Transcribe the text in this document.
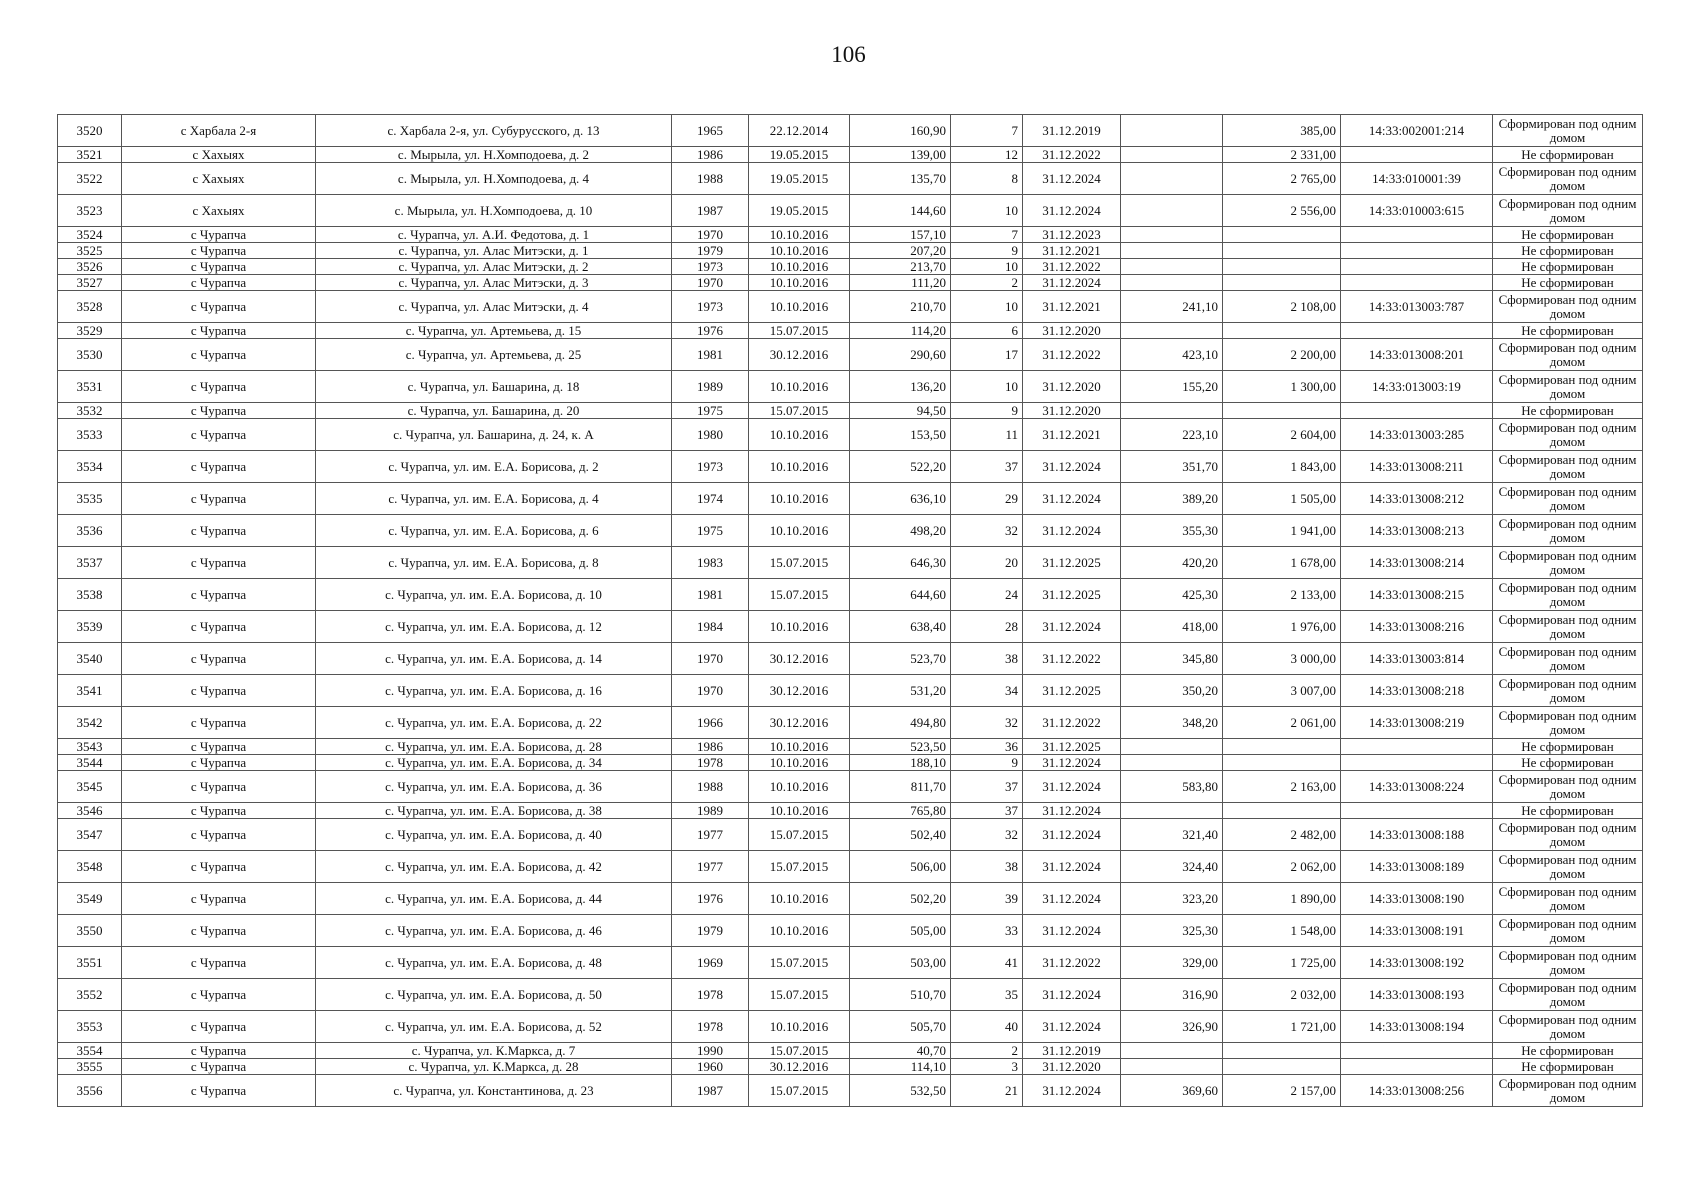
106
3520	с Харбала 2-я	с. Харбала 2-я, ул. Субурусского, д. 13	1965	22.12.2014	160,90	7	31.12.2019		385,00	14:33:002001:214	Сформирован под одним домом
3521	с Хахыях	с. Мырыла, ул. Н.Хомподоева, д. 2	1986	19.05.2015	139,00	12	31.12.2022		2 331,00		Не сформирован
3522	с Хахыях	с. Мырыла, ул. Н.Хомподоева, д. 4	1988	19.05.2015	135,70	8	31.12.2024		2 765,00	14:33:010001:39	Сформирован под одним домом
3523	с Хахыях	с. Мырыла, ул. Н.Хомподоева, д. 10	1987	19.05.2015	144,60	10	31.12.2024		2 556,00	14:33:010003:615	Сформирован под одним домом
3524	с Чурапча	с. Чурапча, ул. А.И. Федотова, д. 1	1970	10.10.2016	157,10	7	31.12.2023				Не сформирован
3525	с Чурапча	с. Чурапча, ул. Алас Митэски, д. 1	1979	10.10.2016	207,20	9	31.12.2021				Не сформирован
3526	с Чурапча	с. Чурапча, ул. Алас Митэски, д. 2	1973	10.10.2016	213,70	10	31.12.2022				Не сформирован
3527	с Чурапча	с. Чурапча, ул. Алас Митэски, д. 3	1970	10.10.2016	111,20	2	31.12.2024				Не сформирован
3528	с Чурапча	с. Чурапча, ул. Алас Митэски, д. 4	1973	10.10.2016	210,70	10	31.12.2021	241,10	2 108,00	14:33:013003:787	Сформирован под одним домом
3529	с Чурапча	с. Чурапча, ул. Артемьева, д. 15	1976	15.07.2015	114,20	6	31.12.2020				Не сформирован
3530	с Чурапча	с. Чурапча, ул. Артемьева, д. 25	1981	30.12.2016	290,60	17	31.12.2022	423,10	2 200,00	14:33:013008:201	Сформирован под одним домом
3531	с Чурапча	с. Чурапча, ул. Башарина, д. 18	1989	10.10.2016	136,20	10	31.12.2020	155,20	1 300,00	14:33:013003:19	Сформирован под одним домом
3532	с Чурапча	с. Чурапча, ул. Башарина, д. 20	1975	15.07.2015	94,50	9	31.12.2020				Не сформирован
3533	с Чурапча	с. Чурапча, ул. Башарина, д. 24, к. А	1980	10.10.2016	153,50	11	31.12.2021	223,10	2 604,00	14:33:013003:285	Сформирован под одним домом
3534	с Чурапча	с. Чурапча, ул. им. Е.А. Борисова, д. 2	1973	10.10.2016	522,20	37	31.12.2024	351,70	1 843,00	14:33:013008:211	Сформирован под одним домом
3535	с Чурапча	с. Чурапча, ул. им. Е.А. Борисова, д. 4	1974	10.10.2016	636,10	29	31.12.2024	389,20	1 505,00	14:33:013008:212	Сформирован под одним домом
3536	с Чурапча	с. Чурапча, ул. им. Е.А. Борисова, д. 6	1975	10.10.2016	498,20	32	31.12.2024	355,30	1 941,00	14:33:013008:213	Сформирован под одним домом
3537	с Чурапча	с. Чурапча, ул. им. Е.А. Борисова, д. 8	1983	15.07.2015	646,30	20	31.12.2025	420,20	1 678,00	14:33:013008:214	Сформирован под одним домом
3538	с Чурапча	с. Чурапча, ул. им. Е.А. Борисова, д. 10	1981	15.07.2015	644,60	24	31.12.2025	425,30	2 133,00	14:33:013008:215	Сформирован под одним домом
3539	с Чурапча	с. Чурапча, ул. им. Е.А. Борисова, д. 12	1984	10.10.2016	638,40	28	31.12.2024	418,00	1 976,00	14:33:013008:216	Сформирован под одним домом
3540	с Чурапча	с. Чурапча, ул. им. Е.А. Борисова, д. 14	1970	30.12.2016	523,70	38	31.12.2022	345,80	3 000,00	14:33:013003:814	Сформирован под одним домом
3541	с Чурапча	с. Чурапча, ул. им. Е.А. Борисова, д. 16	1970	30.12.2016	531,20	34	31.12.2025	350,20	3 007,00	14:33:013008:218	Сформирован под одним домом
3542	с Чурапча	с. Чурапча, ул. им. Е.А. Борисова, д. 22	1966	30.12.2016	494,80	32	31.12.2022	348,20	2 061,00	14:33:013008:219	Сформирован под одним домом
3543	с Чурапча	с. Чурапча, ул. им. Е.А. Борисова, д. 28	1986	10.10.2016	523,50	36	31.12.2025				Не сформирован
3544	с Чурапча	с. Чурапча, ул. им. Е.А. Борисова, д. 34	1978	10.10.2016	188,10	9	31.12.2024				Не сформирован
3545	с Чурапча	с. Чурапча, ул. им. Е.А. Борисова, д. 36	1988	10.10.2016	811,70	37	31.12.2024	583,80	2 163,00	14:33:013008:224	Сформирован под одним домом
3546	с Чурапча	с. Чурапча, ул. им. Е.А. Борисова, д. 38	1989	10.10.2016	765,80	37	31.12.2024				Не сформирован
3547	с Чурапча	с. Чурапча, ул. им. Е.А. Борисова, д. 40	1977	15.07.2015	502,40	32	31.12.2024	321,40	2 482,00	14:33:013008:188	Сформирован под одним домом
3548	с Чурапча	с. Чурапча, ул. им. Е.А. Борисова, д. 42	1977	15.07.2015	506,00	38	31.12.2024	324,40	2 062,00	14:33:013008:189	Сформирован под одним домом
3549	с Чурапча	с. Чурапча, ул. им. Е.А. Борисова, д. 44	1976	10.10.2016	502,20	39	31.12.2024	323,20	1 890,00	14:33:013008:190	Сформирован под одним домом
3550	с Чурапча	с. Чурапча, ул. им. Е.А. Борисова, д. 46	1979	10.10.2016	505,00	33	31.12.2024	325,30	1 548,00	14:33:013008:191	Сформирован под одним домом
3551	с Чурапча	с. Чурапча, ул. им. Е.А. Борисова, д. 48	1969	15.07.2015	503,00	41	31.12.2022	329,00	1 725,00	14:33:013008:192	Сформирован под одним домом
3552	с Чурапча	с. Чурапча, ул. им. Е.А. Борисова, д. 50	1978	15.07.2015	510,70	35	31.12.2024	316,90	2 032,00	14:33:013008:193	Сформирован под одним домом
3553	с Чурапча	с. Чурапча, ул. им. Е.А. Борисова, д. 52	1978	10.10.2016	505,70	40	31.12.2024	326,90	1 721,00	14:33:013008:194	Сформирован под одним домом
3554	с Чурапча	с. Чурапча, ул. К.Маркса, д. 7	1990	15.07.2015	40,70	2	31.12.2019				Не сформирован
3555	с Чурапча	с. Чурапча, ул. К.Маркса, д. 28	1960	30.12.2016	114,10	3	31.12.2020				Не сформирован
3556	с Чурапча	с. Чурапча, ул. Константинова, д. 23	1987	15.07.2015	532,50	21	31.12.2024	369,60	2 157,00	14:33:013008:256	Сформирован под одним домом
